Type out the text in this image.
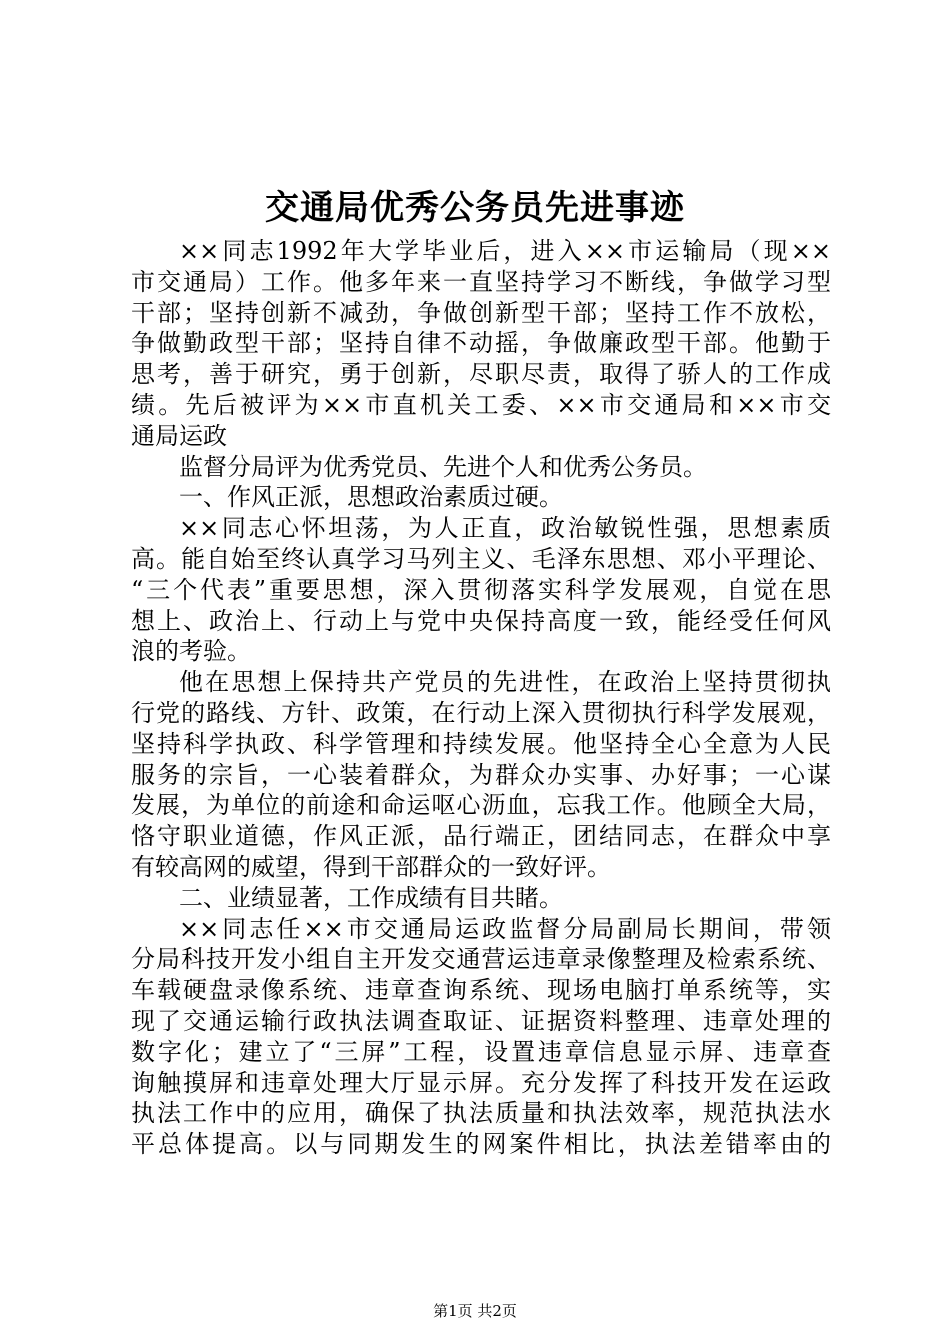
交通局优秀公务员先进事迹
××同志1992年大学毕业后，进入××市运输局（现××
市交通局）工作。他多年来一直坚持学习不断线，争做学习型
干部；坚持创新不减劲，争做创新型干部；坚持工作不放松，
争做勤政型干部；坚持自律不动摇，争做廉政型干部。他勤于
思考，善于研究，勇于创新，尽职尽责，取得了骄人的工作成
绩。先后被评为××市直机关工委、××市交通局和××市交
通局运政
监督分局评为优秀党员、先进个人和优秀公务员。
一、作风正派，思想政治素质过硬。
××同志心怀坦荡，为人正直，政治敏锐性强，思想素质
高。能自始至终认真学习马列主义、毛泽东思想、邓小平理论、
“三个代表”重要思想，深入贯彻落实科学发展观，自觉在思
想上、政治上、行动上与党中央保持高度一致，能经受任何风
浪的考验。
他在思想上保持共产党员的先进性，在政治上坚持贯彻执
行党的路线、方针、政策，在行动上深入贯彻执行科学发展观，
坚持科学执政、科学管理和持续发展。他坚持全心全意为人民
服务的宗旨，一心装着群众，为群众办实事、办好事；一心谋
发展，为单位的前途和命运呕心沥血，忘我工作。他顾全大局，
恪守职业道德，作风正派，品行端正，团结同志，在群众中享
有较高网的威望，得到干部群众的一致好评。
二、业绩显著，工作成绩有目共睹。
××同志任××市交通局运政监督分局副局长期间，带领
分局科技开发小组自主开发交通营运违章录像整理及检索系统、
车载硬盘录像系统、违章查询系统、现场电脑打单系统等，实
现了交通运输行政执法调查取证、证据资料整理、违章处理的
数字化；建立了“三屏”工程，设置违章信息显示屏、违章查
询触摸屏和违章处理大厅显示屏。充分发挥了科技开发在运政
执法工作中的应用，确保了执法质量和执法效率，规范执法水
平总体提高。以与同期发生的网案件相比，执法差错率由的
第1页 共2页
